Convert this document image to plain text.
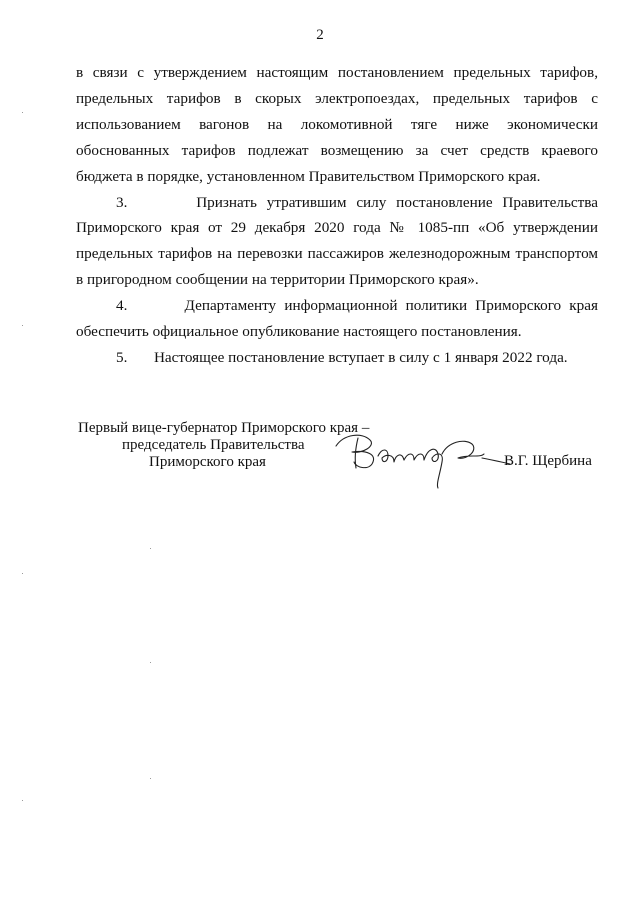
2

в связи с утверждением настоящим постановлением предельных тарифов, предельных тарифов в скорых электропоездах, предельных тарифов с использованием вагонов на локомотивной тяге ниже экономически обоснованных тарифов подлежат возмещению за счет средств краевого бюджета в порядке, установленном Правительством Приморского края.

3.	Признать утратившим силу постановление Правительства Приморского края от 29 декабря 2020 года № 1085-пп «Об утверждении предельных тарифов на перевозки пассажиров железнодорожным транспортом в пригородном сообщении на территории Приморского края».

4.	Департаменту информационной политики Приморского края обеспечить официальное опубликование настоящего постановления.

5. Настоящее постановление вступает в силу с 1 января 2022 года.

Первый вице-губернатор Приморского края –
председатель Правительства
Приморского края	В.Г. Щербина
